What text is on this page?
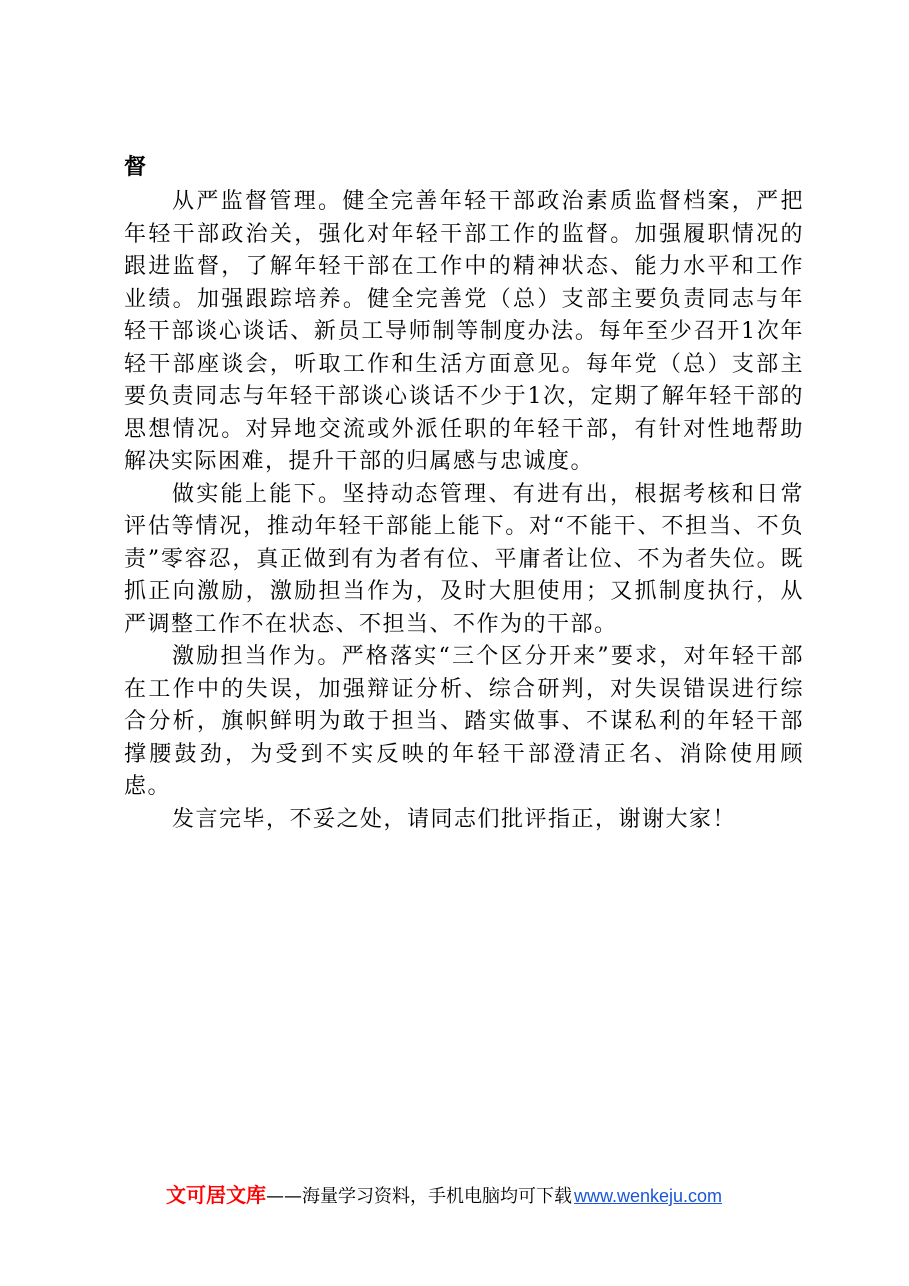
督

从严监督管理。健全完善年轻干部政治素质监督档案，严把年轻干部政治关，强化对年轻干部工作的监督。加强履职情况的跟进监督，了解年轻干部在工作中的精神状态、能力水平和工作业绩。加强跟踪培养。健全完善党（总）支部主要负责同志与年轻干部谈心谈话、新员工导师制等制度办法。每年至少召开1次年轻干部座谈会，听取工作和生活方面意见。每年党（总）支部主要负责同志与年轻干部谈心谈话不少于1次，定期了解年轻干部的思想情况。对异地交流或外派任职的年轻干部，有针对性地帮助解决实际困难，提升干部的归属感与忠诚度。

做实能上能下。坚持动态管理、有进有出，根据考核和日常评估等情况，推动年轻干部能上能下。对“不能干、不担当、不负责”零容忍，真正做到有为者有位、平庸者让位、不为者失位。既抓正向激励，激励担当作为，及时大胆使用；又抓制度执行，从严调整工作不在状态、不担当、不作为的干部。

激励担当作为。严格落实“三个区分开来”要求，对年轻干部在工作中的失误，加强辩证分析、综合研判，对失误错误进行综合分析，旗帜鲜明为敢于担当、踏实做事、不谋私利的年轻干部撑腰鼓劲，为受到不实反映的年轻干部澄清正名、消除使用顾虑。

发言完毕，不妥之处，请同志们批评指正，谢谢大家！

文可居文库——海量学习资料，手机电脑均可下载 www.wenkeju.com
